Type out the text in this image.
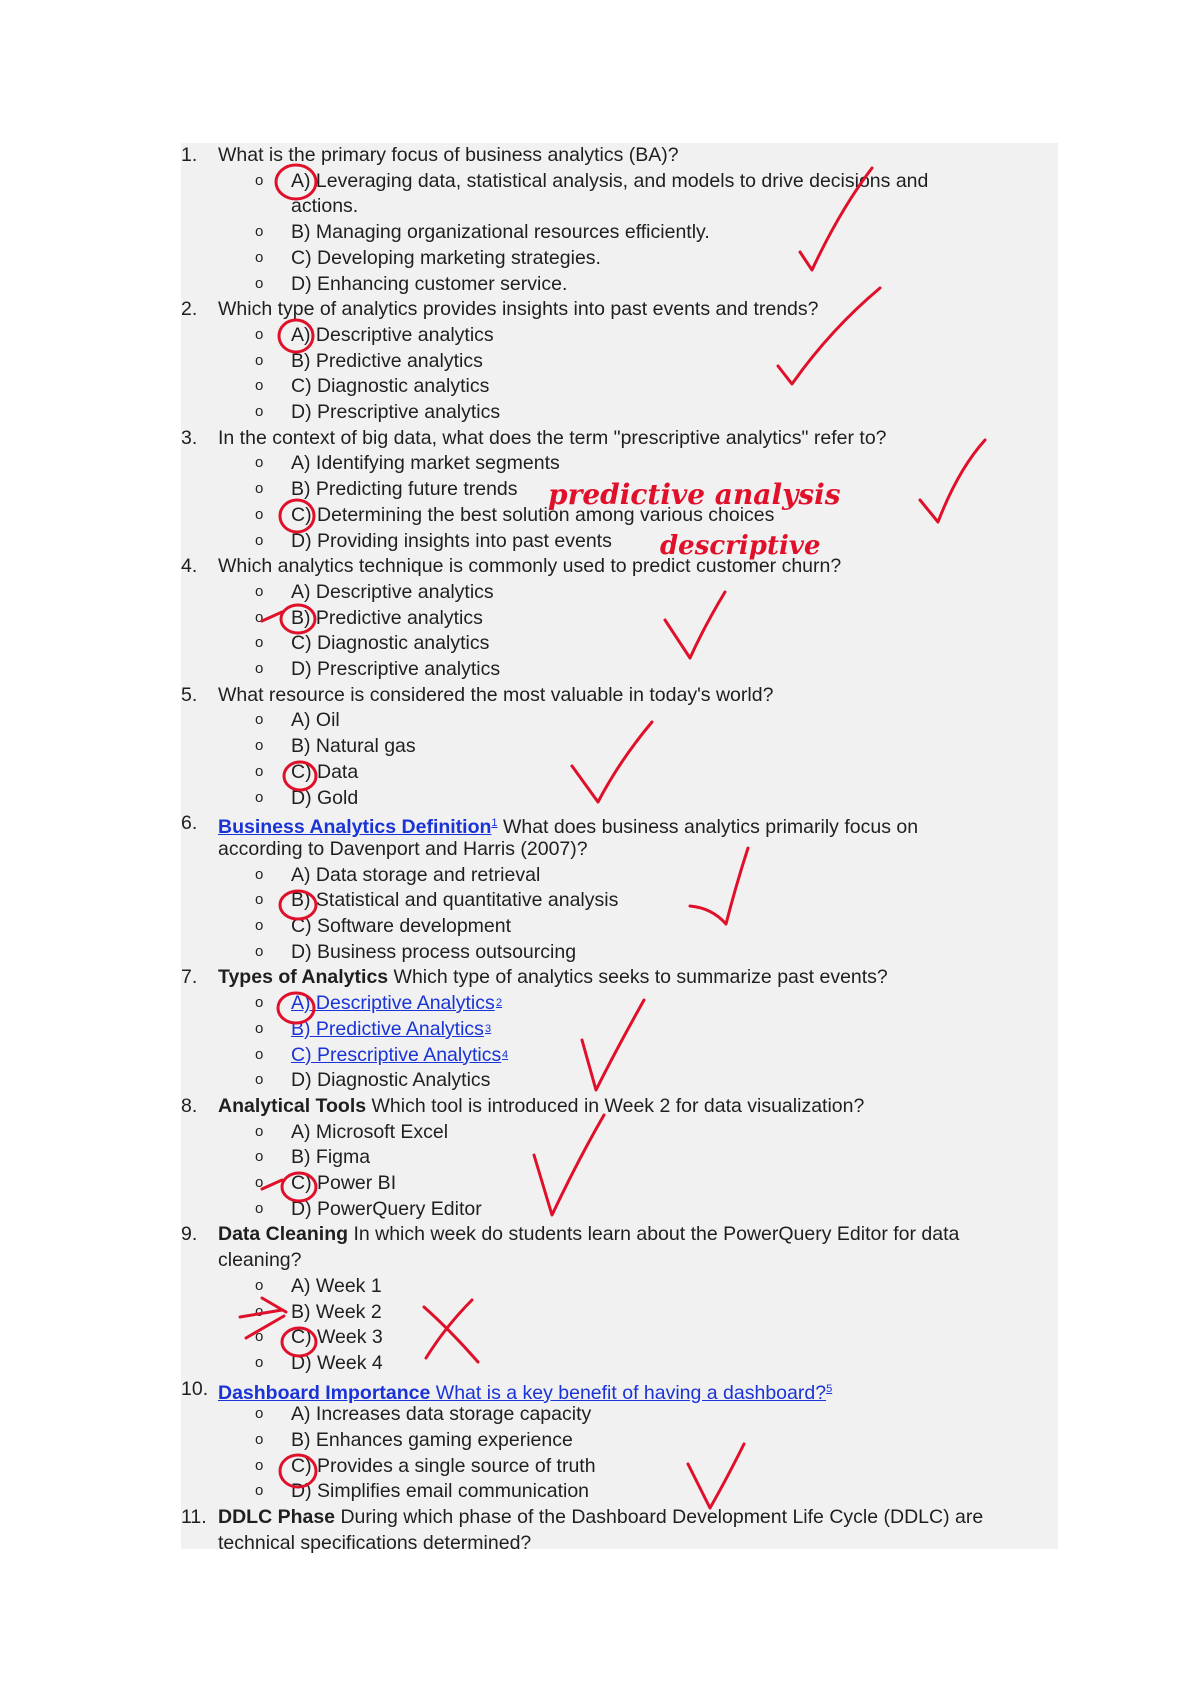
1.	What is the primary focus of business analytics (BA)?
o A) Leveraging data, statistical analysis, and models to drive decisions and
actions.
o B) Managing organizational resources efficiently.
o C) Developing marketing strategies.
o D) Enhancing customer service.
2.	Which type of analytics provides insights into past events and trends?
o A) Descriptive analytics
o B) Predictive analytics
o C) Diagnostic analytics
o D) Prescriptive analytics
3.	In the context of big data, what does the term "prescriptive analytics" refer to?
o A) Identifying market segments
o B) Predicting future trends
o C) Determining the best solution among various choices
o D) Providing insights into past events
4.	Which analytics technique is commonly used to predict customer churn?
o A) Descriptive analytics
o B) Predictive analytics
o C) Diagnostic analytics
o D) Prescriptive analytics
5.	What resource is considered the most valuable in today's world?
o A) Oil
o B) Natural gas
o C) Data
o D) Gold
6.	Business Analytics Definition$^1$ What does business analytics primarily focus on
according to Davenport and Harris (2007)?
o A) Data storage and retrieval
o B) Statistical and quantitative analysis
o C) Software development
o D) Business process outsourcing
7.	Types of Analytics Which type of analytics seeks to summarize past events?
o A) Descriptive Analytics 2
o B) Predictive Analytics 3
o C) Prescriptive Analytics 4
o D) Diagnostic Analytics
8.	Analytical Tools Which tool is introduced in Week 2 for data visualization?
o A) Microsoft Excel
o B) Figma
o C) Power BI
o D) PowerQuery Editor
9.	Data Cleaning In which week do students learn about the PowerQuery Editor for data
cleaning?
o A) Week 1
o B) Week 2
o C) Week 3
o D) Week 4
10. Dashboard Importance What is a key benefit of having a dashboard?$^5$
o A) Increases data storage capacity
o B) Enhances gaming experience
o C) Provides a single source of truth
o D) Simplifies email communication
11. DDLC Phase During which phase of the Dashboard Development Life Cycle (DDLC) are
technical specifications determined?
predictive analysis
descriptive
